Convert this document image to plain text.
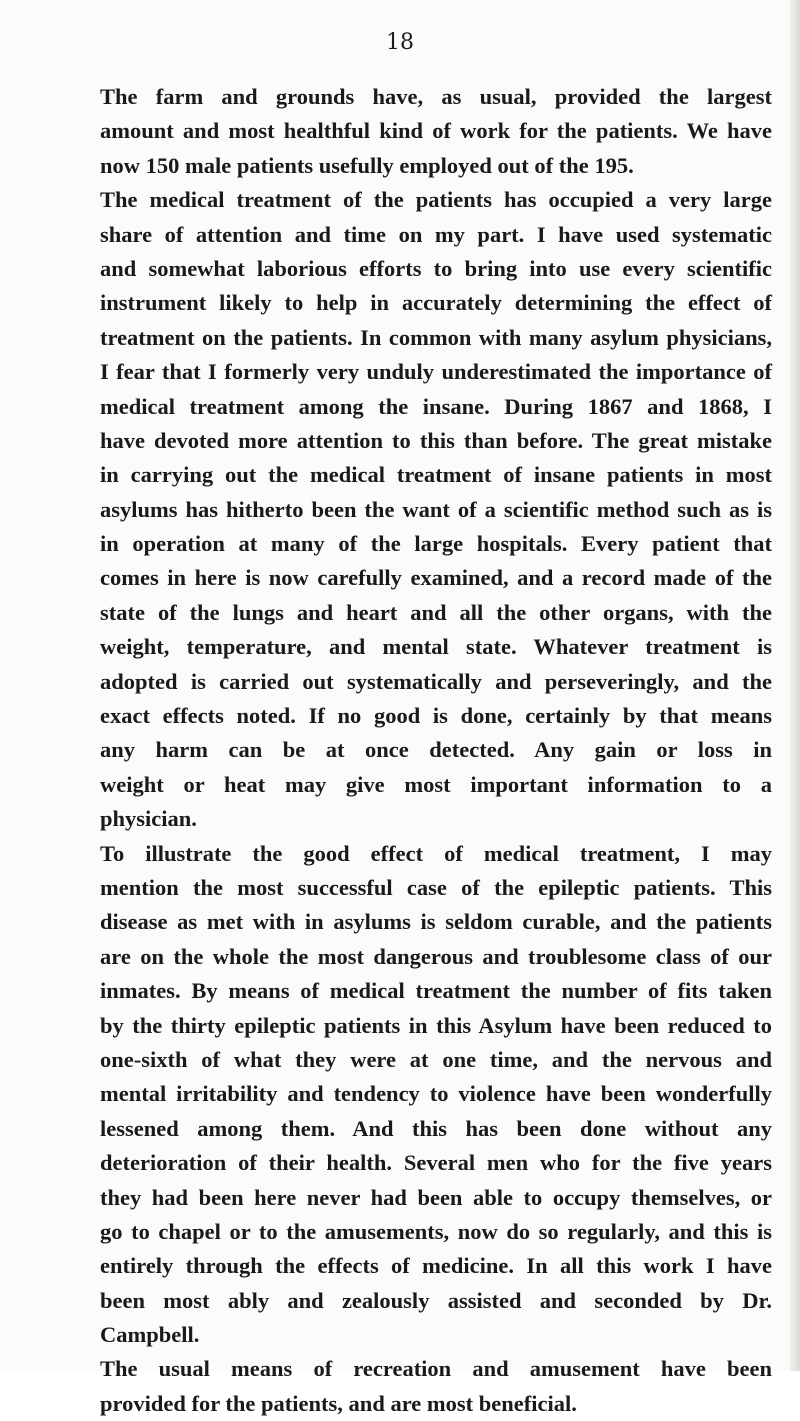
18

The farm and grounds have, as usual, provided the largest
amount and most healthful kind of work for the patients. We have
now 150 male patients usefully employed out of the 195.
The medical treatment of the patients has occupied a very large
share of attention and time on my part. I have used systematic
and somewhat laborious efforts to bring into use every scientific
instrument likely to help in accurately determining the effect of
treatment on the patients. In common with many asylum physicians,
I fear that I formerly very unduly underestimated the importance of
medical treatment among the insane. During 1867 and 1868, I
have devoted more attention to this than before. The great mistake
in carrying out the medical treatment of insane patients in most
asylums has hitherto been the want of a scientific method such as is
in operation at many of the large hospitals. Every patient that
comes in here is now carefully examined, and a record made of the
state of the lungs and heart and all the other organs, with the
weight, temperature, and mental state. Whatever treatment is
adopted is carried out systematically and perseveringly, and the
exact effects noted. If no good is done, certainly by that means
any harm can be at once detected. Any gain or loss in
weight or heat may give most important information to a
physician.
To illustrate the good effect of medical treatment, I may
mention the most successful case of the epileptic patients. This
disease as met with in asylums is seldom curable, and the patients
are on the whole the most dangerous and troublesome class of our
inmates. By means of medical treatment the number of fits taken
by the thirty epileptic patients in this Asylum have been reduced to
one-sixth of what they were at one time, and the nervous and
mental irritability and tendency to violence have been wonderfully
lessened among them. And this has been done without any
deterioration of their health. Several men who for the five years
they had been here never had been able to occupy themselves, or
go to chapel or to the amusements, now do so regularly, and this is
entirely through the effects of medicine. In all this work I have
been most ably and zealously assisted and seconded by Dr.
Campbell.
The usual means of recreation and amusement have been
provided for the patients, and are most beneficial.
